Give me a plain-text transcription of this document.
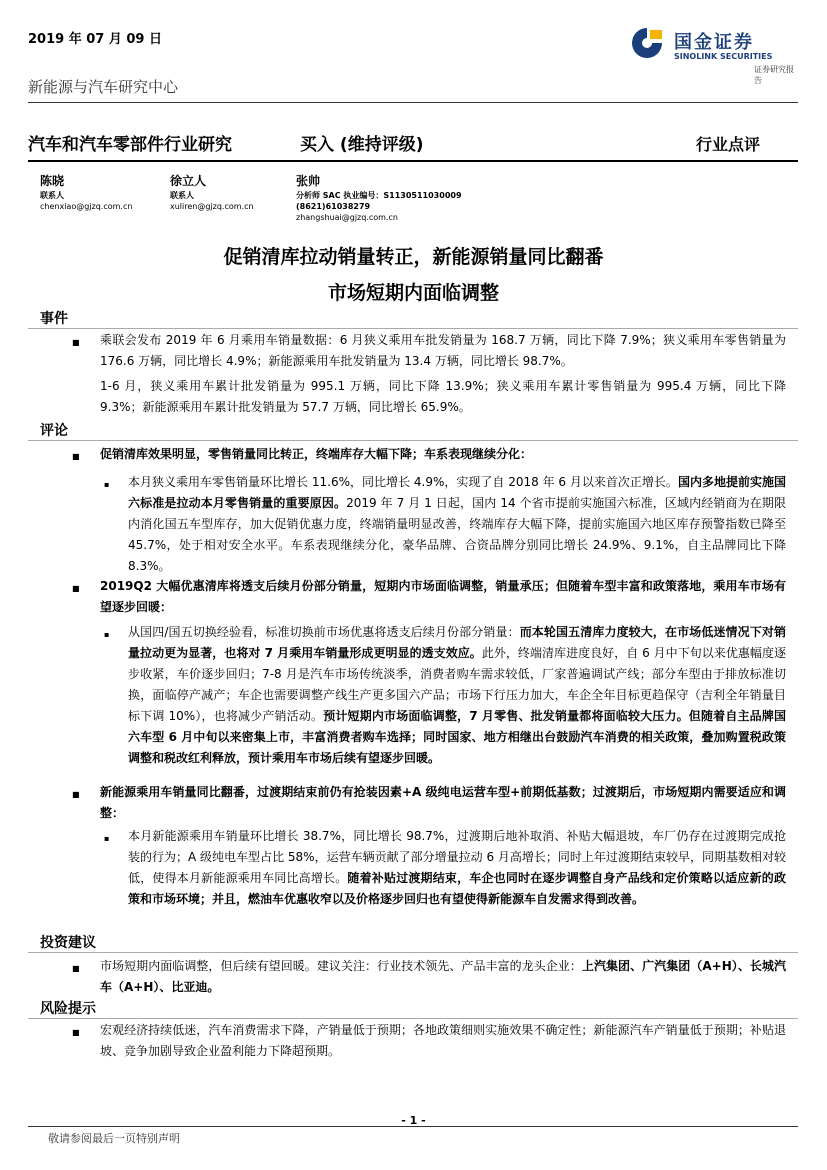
2019 年 07 月 09 日
新能源与汽车研究中心
国金证券
SINOLINK SECURITIES
证券研究报告
汽车和汽车零部件行业研究	买入 (维持评级)	行业点评
陈晓
联系人
chenxiao@gjzq.com.cn
徐立人
联系人
xuliren@gjzq.com.cn
张帅
分析师 SAC 执业编号：S1130511030009
(8621)61038279
zhangshuai@gjzq.com.cn
促销清库拉动销量转正，新能源销量同比翻番
市场短期内面临调整
事件
■ 乘联会发布 2019 年 6 月乘用车销量数据：6 月狭义乘用车批发销量为 168.7 万辆，同比下降 7.9%；狭义乘用车零售销量为 176.6 万辆，同比增长 4.9%；新能源乘用车批发销量为 13.4 万辆，同比增长 98.7%。
1-6 月，狭义乘用车累计批发销量为 995.1 万辆，同比下降 13.9%；狭义乘用车累计零售销量为 995.4 万辆，同比下降 9.3%；新能源乘用车累计批发销量为 57.7 万辆，同比增长 65.9%。
评论
■ 促销清库效果明显，零售销量同比转正，终端库存大幅下降；车系表现继续分化：
▪ 本月狭义乘用车零售销量环比增长 11.6%，同比增长 4.9%，实现了自 2018 年 6 月以来首次正增长。国内多地提前实施国六标准是拉动本月零售销量的重要原因。2019 年 7 月 1 日起，国内 14 个省市提前实施国六标准，区域内经销商为在期限内消化国五车型库存，加大促销优惠力度，终端销量明显改善，终端库存大幅下降，提前实施国六地区库存预警指数已降至 45.7%，处于相对安全水平。车系表现继续分化，豪华品牌、合资品牌分别同比增长 24.9%、9.1%，自主品牌同比下降 8.3%。
■ 2019Q2 大幅优惠清库将透支后续月份部分销量，短期内市场面临调整，销量承压；但随着车型丰富和政策落地，乘用车市场有望逐步回暖：
▪ 从国四/国五切换经验看，标准切换前市场优惠将透支后续月份部分销量：而本轮国五清库力度较大，在市场低迷情况下对销量拉动更为显著，也将对 7 月乘用车销量形成更明显的透支效应。此外，终端清库进度良好，自 6 月中下旬以来优惠幅度逐步收紧，车价逐步回归；7-8 月是汽车市场传统淡季，消费者购车需求较低，厂家普遍调试产线；部分车型由于排放标准切换，面临停产减产；车企也需要调整产线生产更多国六产品；市场下行压力加大，车企全年目标更趋保守（吉利全年销量目标下调 10%），也将减少产销活动。预计短期内市场面临调整，7 月零售、批发销量都将面临较大压力。但随着自主品牌国六车型 6 月中旬以来密集上市，丰富消费者购车选择；同时国家、地方相继出台鼓励汽车消费的相关政策，叠加购置税政策调整和税改红利释放，预计乘用车市场后续有望逐步回暖。
■ 新能源乘用车销量同比翻番，过渡期结束前仍有抢装因素+A 级纯电运营车型+前期低基数；过渡期后，市场短期内需要适应和调整：
▪ 本月新能源乘用车销量环比增长 38.7%，同比增长 98.7%，过渡期后地补取消、补贴大幅退坡，车厂仍存在过渡期完成抢装的行为；A 级纯电车型占比 58%，运营车辆贡献了部分增量拉动 6 月高增长；同时上年过渡期结束较早，同期基数相对较低，使得本月新能源乘用车同比高增长。随着补贴过渡期结束，车企也同时在逐步调整自身产品线和定价策略以适应新的政策和市场环境；并且，燃油车优惠收窄以及价格逐步回归也有望使得新能源车自发需求得到改善。
投资建议
■ 市场短期内面临调整，但后续有望回暖。建议关注：行业技术领先、产品丰富的龙头企业：上汽集团、广汽集团（A+H）、长城汽车（A+H）、比亚迪。
风险提示
■ 宏观经济持续低迷，汽车消费需求下降，产销量低于预期；各地政策细则实施效果不确定性；新能源汽车产销量低于预期；补贴退坡、竞争加剧导致企业盈利能力下降超预期。
- 1 -
敬请参阅最后一页特别声明
